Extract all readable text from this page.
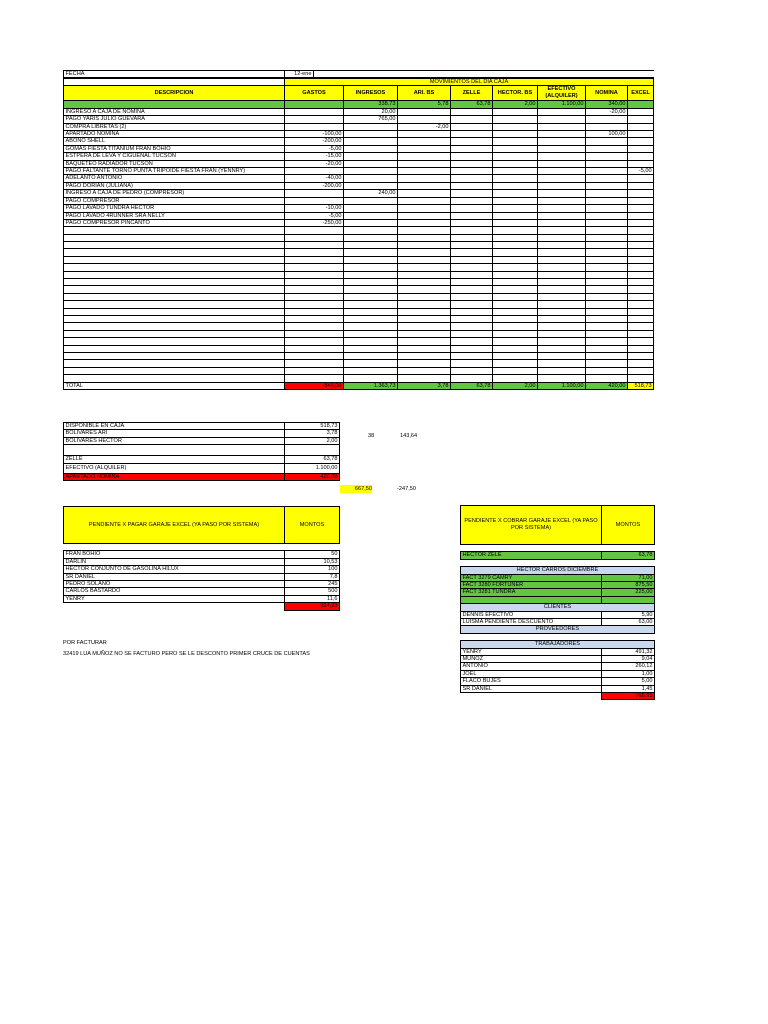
FECHA	12-ene
	MOVIMIENTOS DEL DIA CAJA							
DESCRIPCION	GASTOS	INGRESOS	ARI. BS	ZELLE	HECTOR. BS	EFECTIVO (ALQUILER)	NOMINA	EXCEL
		338,73	5,78	63,78	2,00	1.100,00	340,00	
INGRESO A CAJA DE NOMINA		20,00					-20,00	
PAGO YARIS JULIO GUEVARA		765,00						
COMPRA LIBRETAS (2)			-2,00					
APARTADO NOMINA	-100,00						100,00	
ABONO SHELL	-200,00							
GOMAS FIESTA TITANIUM FRAN BOHIO	-5,00							
ESTPERA DE LEVA Y CIGÜEÑAL TUCSON	-15,00							
BAQUETEO RADIADOR TUCSON	-20,00							
PAGO FALTANTE TORNO PUNTA TRIPOIDE FIESTA FRAN (YENNRY)								-5,00
ADELANTO ANTONIO	-40,00							
PAGO DORIAN (JULIANA)	-200,00							
INGRESO A CAJA DE PEDRO (COMPRESOR)		240,00						
PAGO COMPRESOR								
PAGO LAVADO TUNDRA HECTOR	-10,00							
PAGO LAVADO 4RUNNER SRA NELLY	-5,00							
PAGO COMPRESOR PINCANTO	-250,00							

TOTAL	-845,00	1.363,73	3,78	63,78	2,00	1.100,00	420,00	518,73
DISPONIBLE EN CAJA	518,73
BOLIVARES ARI	3,78
BOLIVARES HECTOR	2,00

ZELLE	63,78
EFECTIVO (ALQUILER)	1.100,00
APARTADO NOMINA	420,00
38	143,64
667,50	-247,50
PENDIENTE X PAGAR GARAJE EXCEL (YA PASO POR SISTEMA)	MONTOS

FRAN BOHIO	50
DARLIN	10,53
HECTOR CONJUNTO DE GASOLINA HILUX	100
SR DANIEL	7,8
PEDRO SOLANO	245
CARLOS BASTARDO	500
YENRY	11,6
	924,93
POR FACTURAR
32419 LUA MUÑOZ NO SE FACTURO PERO SE LE DESCONTO PRIMER CRUCE DE CUENTAS
PENDIENTE X COBRAR GARAJE EXCEL (YA PASO POR SISTEMA)	MONTOS

HECTOR ZELE	63,78

HECTOR CARROS DICIEMBRE	
FACT 3279 CAMRY	71,00
FACT 3280 FORTUNER	875,50
FACT 3281 TUNDRA	225,00

CLIENTES	
DENNIS EFECTIVO	5,90
LUISMA PENDIENTE DESCUENTO	63,00
PROVEEDORES	

TRABAJADORES	
YENRY	491,32
MUÑOZ	9,04
ANTONIO	260,12
JOEL	1,00
FLACO BUJES	5,00
SR DANIEL	1,45
	766,93
